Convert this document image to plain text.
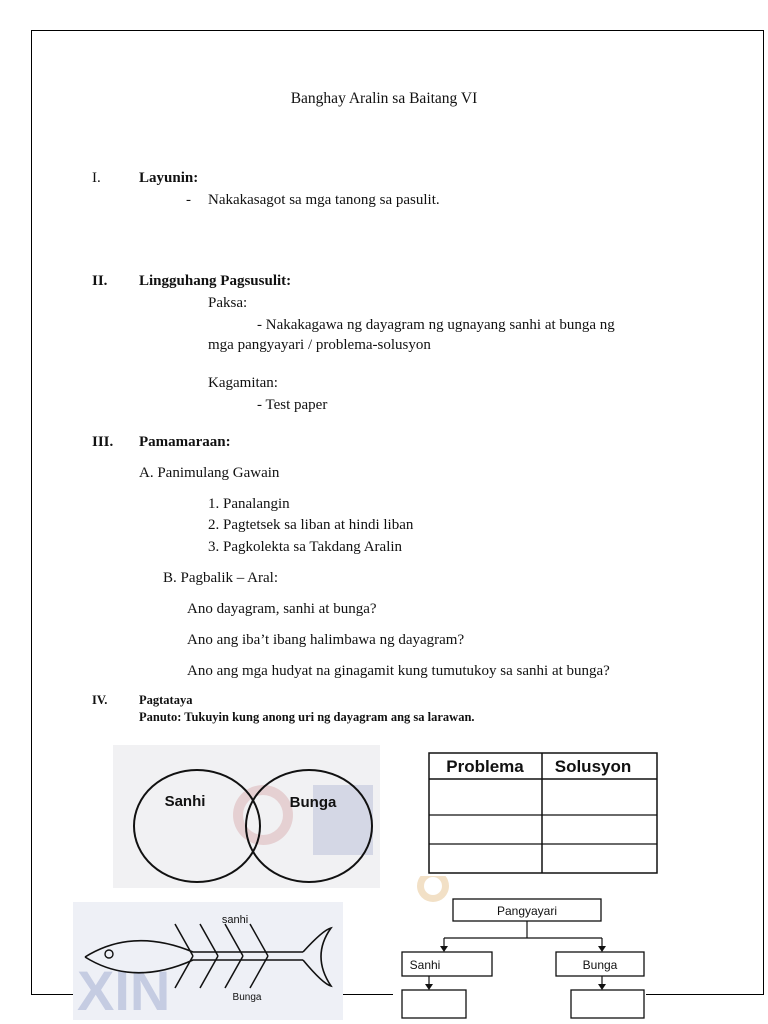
Banghay Aralin sa Baitang VI
I.	Layunin:
- Nakakasagot sa mga tanong sa pasulit.
II. Lingguhang Pagsusulit:
Paksa:
- Nakakagawa ng dayagram ng ugnayang sanhi at bunga ng
mga pangyayari / problema-solusyon
Kagamitan:
- Test paper
III. Pamamaraan:
A. Panimulang Gawain
1. Panalangin
2. Pagtetsek sa liban at hindi liban
3. Pagkolekta sa Takdang Aralin
B. Pagbalik – Aral:
Ano dayagram, sanhi at bunga?
Ano ang iba’t ibang halimbawa ng dayagram?
Ano ang mga hudyat na ginagamit kung tumutukoy sa sanhi at bunga?
IV.	Pagtataya
Panuto: Tukuyin kung anong uri ng dayagram ang sa larawan.
Sanhi	Bunga
Problema Solusyon
XIN
sanhi
Bunga
Pangyayari
Sanhi	Bunga
